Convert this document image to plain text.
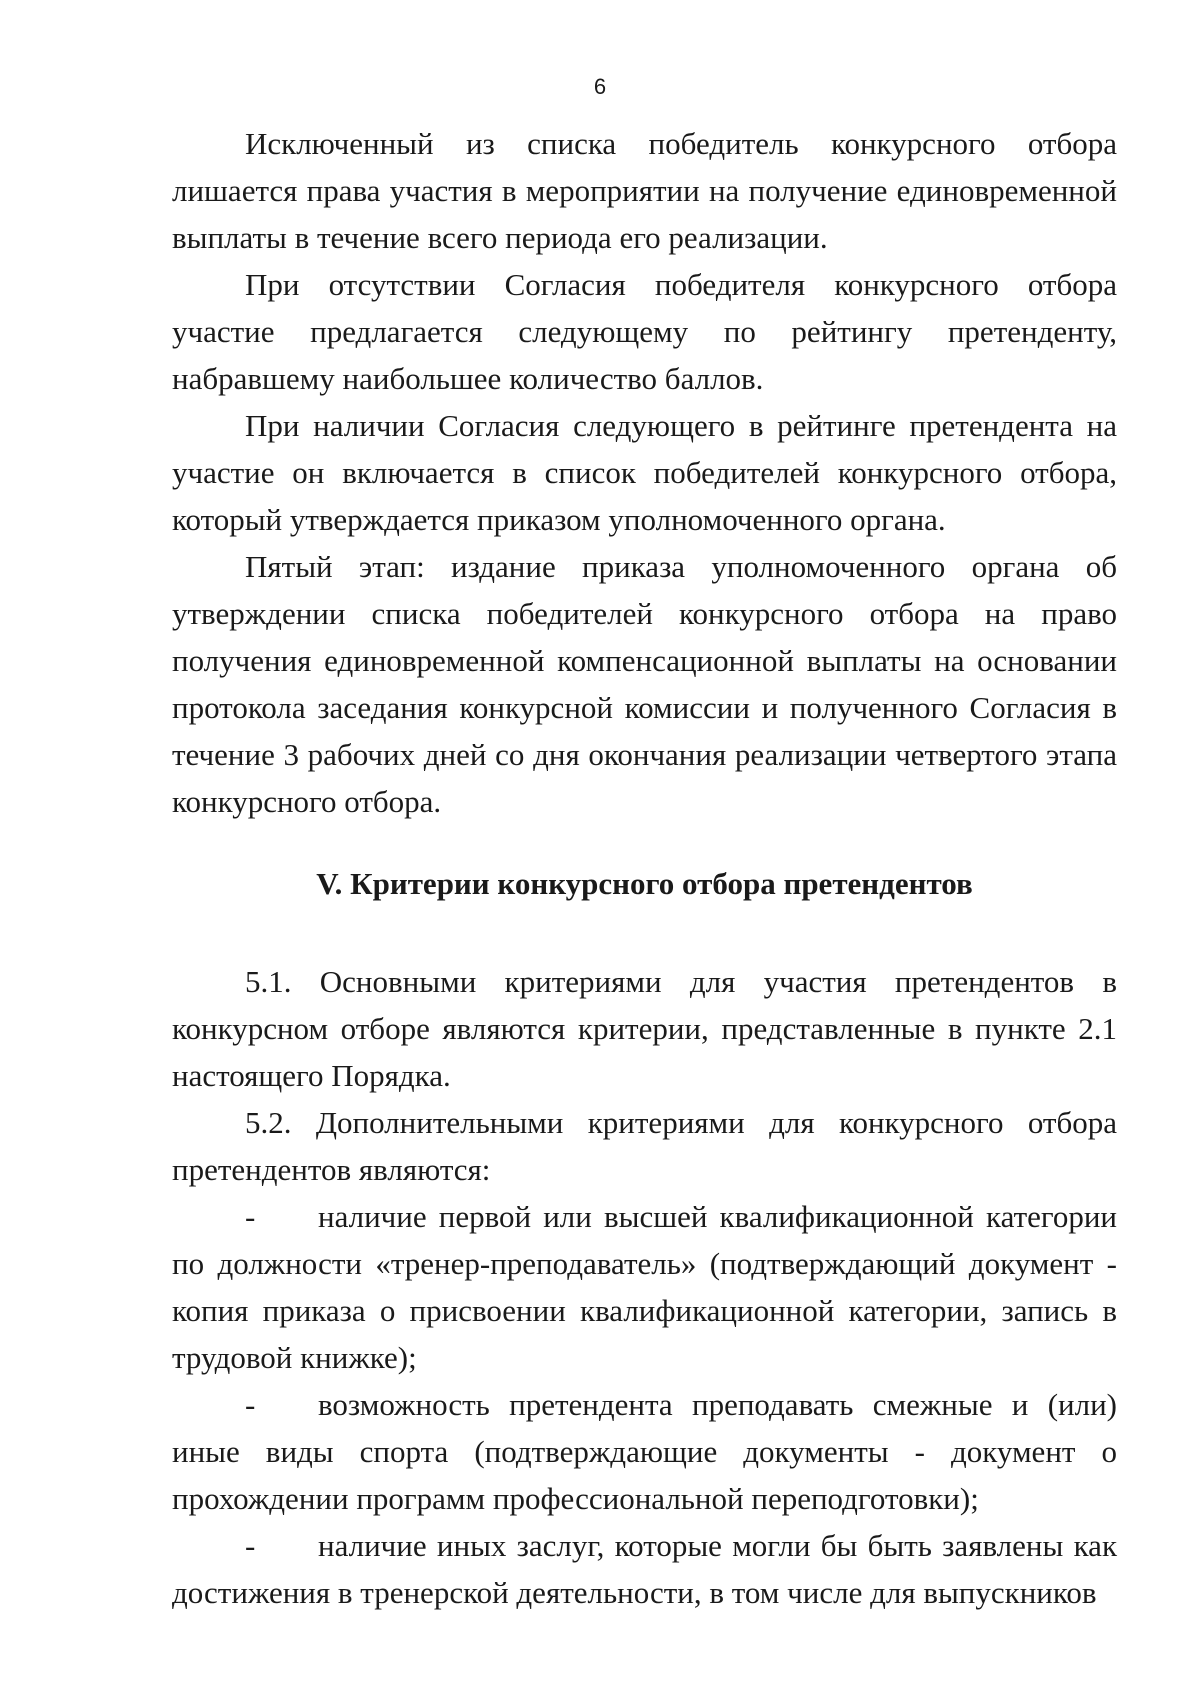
6

Исключенный из списка победитель конкурсного отбора лишается права участия в мероприятии на получение единовременной выплаты в течение всего периода его реализации.

При отсутствии Согласия победителя конкурсного отбора участие предлагается следующему по рейтингу претенденту, набравшему наибольшее количество баллов.

При наличии Согласия следующего в рейтинге претендента на участие он включается в список победителей конкурсного отбора, который утверждается приказом уполномоченного органа.

Пятый этап: издание приказа уполномоченного органа об утверждении списка победителей конкурсного отбора на право получения единовременной компенсационной выплаты на основании протокола заседания конкурсной комиссии и полученного Согласия в течение 3 рабочих дней со дня окончания реализации четвертого этапа конкурсного отбора.

V. Критерии конкурсного отбора претендентов

5.1. Основными критериями для участия претендентов в конкурсном отборе являются критерии, представленные в пункте 2.1 настоящего Порядка.

5.2. Дополнительными критериями для конкурсного отбора претендентов являются:

- наличие первой или высшей квалификационной категории по должности «тренер-преподаватель» (подтверждающий документ - копия приказа о присвоении квалификационной категории, запись в трудовой книжке);

- возможность претендента преподавать смежные и (или) иные виды спорта (подтверждающие документы - документ о прохождении программ профессиональной переподготовки);

- наличие иных заслуг, которые могли бы быть заявлены как достижения в тренерской деятельности, в том числе для выпускников
